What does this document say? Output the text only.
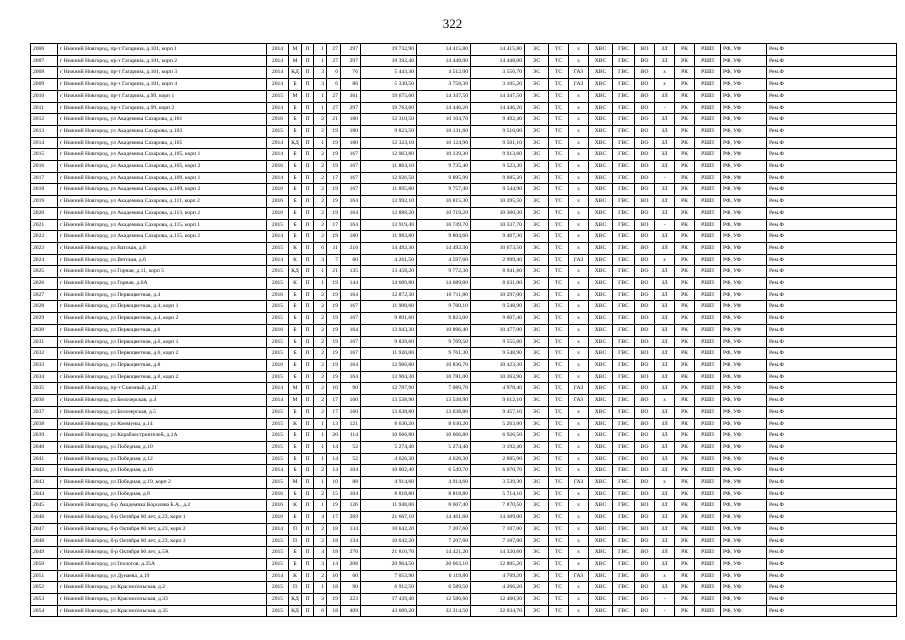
322
2006	г Нижний Новгород, пр-т Гагарина, д.101, корп 1	2014	М	П	1	27	297	19 732,90	14 415,80	14 415,80	ЭС	ТС	х	ХВС	ГВС	ВО	ЗЛ	РК	РШП	РФ, УФ	Рем.Ф
2007	г Нижний Новгород, пр-т Гагарина, д.101, корп 2	2014	М	П	1	27	297	19 392,40	14 448,00	14 448,00	ЭС	ТС	х	ХВС	ГВС	ВО	ЗЛ	РК	РШП	РФ, УФ	Рем.Ф
2008	г Нижний Новгород, пр-т Гагарина, д.101, корп 3	2014	КД	П	3	6	76	5 443,30	4 512,00	3 556,70	ЭС	ТС	ГАЗ	ХВС	ГВС	ВО	х	РК	РШП	РФ, УФ	Рем.Ф
2009	г Нижний Новгород, пр-т Гагарина, д.101, корп 4	2014	Б	П	3	6	86	5 330,50	3 758,30	3 105,20	ЭС	ТС	ГАЗ	ХВС	ГВС	ВО	х	РК	РШП	РФ, УФ	Рем.Ф
2010	г Нижний Новгород, пр-т Гагарина, д.99, корп 1	2015	М	П	1	27	301	19 675,60	14 347,50	14 347,50	ЭС	ТС	х	ХВС	ГВС	ВО	ЗЛ	РК	РШП	РФ, УФ	Рем.Ф
2011	г Нижний Новгород, пр-т Гагарина, д.99, корп 2	2014	Б	П	1	27	297	19 763,00	14 446,20	14 446,20	ЭС	ТС	х	ХВС	ГВС	ВО	-	РК	РШП	РФ, УФ	Рем.Ф
2012	г Нижний Новгород, ул Академика Сахарова, д.101	2016	Б	П	2	21	180	12 310,50	10 104,70	9 492,40	ЭС	ТС	х	ХВС	ГВС	ВО	ЗЛ	РК	РШП	РФ, УФ	Рем.Ф
2013	г Нижний Новгород, ул Академика Сахарова, д.103	2015	Б	П	2	19	180	9 823,50	10 131,60	9 510,00	ЭС	ТС	х	ХВС	ГВС	ВО	ЗЛ	РК	РШП	РФ, УФ	Рем.Ф
2014	г Нижний Новгород, ул Академика Сахарова, д.105	2014	КД	П	1	19	180	12 323,10	10 124,90	9 501,10	ЭС	ТС	х	ХВС	ГВС	ВО	ЗЛ	РК	РШП	РФ, УФ	Рем.Ф
2015	г Нижний Новгород, ул Академика Сахарова, д.105, корп 1	2014	Б	П	2	19	167	12 063,80	10 139,30	9 913,60	ЭС	ТС	х	ХВС	ГВС	ВО	ЗЛ	РК	РШП	РФ, УФ	Рем.Ф
2016	г Нижний Новгород, ул Академика Сахарова, д.105, корп 2	2016	Б	П	2	19	167	11 864,10	9 735,40	9 523,30	ЭС	ТС	х	ХВС	ГВС	ВО	ЗЛ	РК	РШП	РФ, УФ	Рем.Ф
2017	г Нижний Новгород, ул Академика Сахарова, д.109, корп 1	2014	Б	П	2	17	167	12 026,50	9 895,90	9 685,20	ЭС	ТС	х	ХВС	ГВС	ВО	-	РК	РШП	РФ, УФ	Рем.Ф
2018	г Нижний Новгород, ул Академика Сахарова, д.109, корп 2	2016	Б	П	2	19	167	11 895,80	9 757,40	9 544,90	ЭС	ТС	х	ХВС	ГВС	ВО	ЗЛ	РК	РШП	РФ, УФ	Рем.Ф
2019	г Нижний Новгород, ул Академика Сахарова, д.111, корп 2	2016	Б	П	2	19	164	12 992,10	10 815,30	10 395,50	ЭС	ТС	х	ХВС	ГВС	ВО	ЗЛ	РК	РШП	РФ, УФ	Рем.Ф
2020	г Нижний Новгород, ул Академика Сахарова, д.113, корп 2	2016	Б	П	2	19	164	12 888,20	10 719,20	10 300,30	ЭС	ТС	х	ХВС	ГВС	ВО	ЗЛ	РК	РШП	РФ, УФ	Рем.Ф
2021	г Нижний Новгород, ул Академика Сахарова, д.115, корп 1	2015	Б	П	2	17	164	12 919,40	10 749,70	10 337,70	ЭС	ТС	х	ХВС	ГВС	ВО	-	РК	РШП	РФ, УФ	Рем.Ф
2022	г Нижний Новгород, ул Академика Сахарова, д.115, корп 2	2014	Б	П	2	19	180	11 983,80	9 804,60	9 407,30	ЭС	ТС	х	ХВС	ГВС	ВО	ЗЛ	РК	РШП	РФ, УФ	Рем.Ф
2023	г Нижний Новгород, ул Ватская, д.8	2015	К	П	6	11	216	14 492,30	14 492,30	10 673,50	ЭС	ТС	х	ХВС	ГВС	ВО	ЗЛ	РК	РШП	РФ, УФ	Рем.Ф
2024	г Нижний Новгород, ул Ветская, д.6	2014	К	П	3	7	60	4 261,50	4 597,60	2 999,40	ЭС	ТС	ГАЗ	ХВС	ГВС	ВО	х	РК	РШП	РФ, УФ	Рем.Ф
2025	г Нижний Новгород, ул Горная, д.11, корп 5	2015	КД	П	1	21	135	13 458,20	9 772,30	8 041,60	ЭС	ТС	х	ХВС	ГВС	ВО	ЗЛ	РК	РШП	РФ, УФ	Рем.Ф
2026	г Нижний Новгород, ул Горная, д.6А	2015	К	П	1	19	144	14 689,80	14 689,80	8 631,00	ЭС	ТС	х	ХВС	ГВС	ВО	ЗЛ	РК	РШП	РФ, УФ	Рем.Ф
2027	г Нижний Новгород, ул Первоцветная, д.4	2016	Б	П	2	19	164	12 872,30	10 711,80	10 297,00	ЭС	ТС	х	ХВС	ГВС	ВО	ЗЛ	РК	РШП	РФ, УФ	Рем.Ф
2028	г Нижний Новгород, ул Первоцветная, д.4, корп 1	2015	Б	П	2	19	167	11 908,60	9 760,10	9 548,90	ЭС	ТС	х	ХВС	ГВС	ВО	ЗЛ	РК	РШП	РФ, УФ	Рем.Ф
2029	г Нижний Новгород, ул Первоцветная, д.4, корп 2	2015	Б	П	2	19	167	9 891,60	9 823,00	9 607,40	ЭС	ТС	х	ХВС	ГВС	ВО	ЗЛ	РК	РШП	РФ, УФ	Рем.Ф
2030	г Нижний Новгород, ул Первоцветная, д.6	2016	Б	П	2	19	164	13 043,30	10 896,40	10 477,00	ЭС	ТС	х	ХВС	ГВС	ВО	ЗЛ	РК	РШП	РФ, УФ	Рем.Ф
2031	г Нижний Новгород, ул Первоцветная, д.6, корп 1	2015	Б	П	2	19	167	9 839,60	9 769,50	9 555,00	ЭС	ТС	х	ХВС	ГВС	ВО	ЗЛ	РК	РШП	РФ, УФ	Рем.Ф
2032	г Нижний Новгород, ул Первоцветная, д.6, корп 2	2015	Б	П	2	19	167	11 920,00	9 761,30	9 548,90	ЭС	ТС	х	ХВС	ГВС	ВО	ЗЛ	РК	РШП	РФ, УФ	Рем.Ф
2033	г Нижний Новгород, ул Первоцветная, д.8	2016	Б	П	2	19	164	12 966,80	10 836,70	10 423,30	ЭС	ТС	х	ХВС	ГВС	ВО	ЗЛ	РК	РШП	РФ, УФ	Рем.Ф
2034	г Нижний Новгород, ул Первоцветная, д.8, корп 2	2015	Б	П	2	19	164	12 904,30	10 781,00	10 363,90	ЭС	ТС	х	ХВС	ГВС	ВО	ЗЛ	РК	РШП	РФ, УФ	Рем.Ф
2035	г Нижний Новгород, пр-т Союзный, д.2Г	2014	М	П	2	10	90	12 787,90	7 089,70	4 978,40	ЭС	ТС	ГАЗ	ХВС	ГВС	ВО	ЗЛ	РК	РШП	РФ, УФ	Рем.Ф
2036	г Нижний Новгород, ул Белозерская, д.4	2014	М	П	2	17	160	13 538,90	13 538,90	9 612,10	ЭС	ТС	ГАЗ	ХВС	ГВС	ВО	х	РК	РШП	РФ, УФ	Рем.Ф
2037	г Нижний Новгород, ул Белозерская, д.5	2015	Б	П	2	17	160	13 638,80	13 638,80	9 457,10	ЭС	ТС	х	ХВС	ГВС	ВО	ЗЛ	РК	РШП	РФ, УФ	Рем.Ф
2038	г Нижний Новгород, ул Коммуны, д.14	2015	К	П	1	13	121	8 630,20	8 630,20	5 263,60	ЭС	ТС	х	ХВС	ГВС	ВО	ЗЛ	РК	РШП	РФ, УФ	Рем.Ф
2039	г Нижний Новгород, ул Кораблестроителей, д.1А	2015	Б	П	1	20	114	10 666,80	10 666,80	6 926,50	ЭС	ТС	х	ХВС	ГВС	ВО	ЗЛ	РК	РШП	РФ, УФ	Рем.Ф
2040	г Нижний Новгород, ул Победная, д.10	2015	Б	П	1	14	52	5 274,40	5 274,40	3 192,40	ЭС	ТС	х	ХВС	ГВС	ВО	ЗЛ	РК	РШП	РФ, УФ	Рем.Ф
2041	г Нижний Новгород, ул Победная, д.12	2015	Б	П	1	14	52	4 626,30	4 626,30	2 885,90	ЭС	ТС	х	ХВС	ГВС	ВО	ЗЛ	РК	РШП	РФ, УФ	Рем.Ф
2042	г Нижний Новгород, ул Победная, д.16	2014	Б	П	2	14	104	10 002,40	6 549,70	6 070,70	ЭС	ТС	х	ХВС	ГВС	ВО	ЗЛ	РК	РШП	РФ, УФ	Рем.Ф
2043	г Нижний Новгород, ул Победная, д.19, корп 2	2015	М	П	1	10	88	4 914,60	4 914,60	3 539,30	ЭС	ТС	ГАЗ	ХВС	ГВС	ВО	х	РК	РШП	РФ, УФ	Рем.Ф
2044	г Нижний Новгород, ул Победная, д.8	2016	Б	П	2	15	104	8 818,80	8 818,80	5 714,10	ЭС	ТС	х	ХВС	ГВС	ВО	ЗЛ	РК	РШП	РФ, УФ	Рем.Ф
2045	г Нижний Новгород, б-р Академика Королева Б.А., д.2	2016	К	П	1	19	126	11 948,00	8 607,40	7 870,50	ЭС	ТС	х	ХВС	ГВС	ВО	ЗЛ	РК	РШП	РФ, УФ	Рем.Ф
2046	г Нижний Новгород, б-р Октября 60 лет, д.23, корп 1	2016	Б	П	4	17	269	21 667,10	14 461,60	14 309,00	ЭС	ТС	х	ХВС	ГВС	ВО	ЗЛ	РК	РШП	РФ, УФ	Рем.Ф
2047	г Нижний Новгород, б-р Октября 60 лет, д.23, корп 2	2014	П	П	2	18	134	10 642,20	7 207,60	7 107,00	ЭС	ТС	х	ХВС	ГВС	ВО	ЗЛ	РК	РШП	РФ, УФ	Рем.Ф
2048	г Нижний Новгород, б-р Октября 60 лет, д.23, корп 3	2015	П	П	2	18	134	10 642,20	7 207,60	7 107,00	ЭС	ТС	х	ХВС	ГВС	ВО	ЗЛ	РК	РШП	РФ, УФ	Рем.Ф
2049	г Нижний Новгород, б-р Октября 60 лет, д.5А	2015	Б	П	4	18	270	21 816,70	14 421,20	14 320,60	ЭС	ТС	х	ХВС	ГВС	ВО	ЗЛ	РК	РШП	РФ, УФ	Рем.Ф
2050	г Нижний Новгород, ул Геологов, д.25А	2015	Б	П	3	14	208	20 964,50	20 663,10	12 805,20	ЭС	ТС	х	ХВС	ГВС	ВО	ЗЛ	РК	РШП	РФ, УФ	Рем.Ф
2051	г Нижний Новгород, ул Дунаева, д.19	2014	К	П	2	10	60	7 053,90	6 119,80	4 769,20	ЭС	ТС	ГАЗ	ХВС	ГВС	ВО	х	РК	РШП	РФ, УФ	Рем.Ф
2052	г Нижний Новгород, ул Красносельская, д.2	2015	П	П	1	18	90	6 912,50	6 589,50	4 266,20	ЭС	ТС	х	ХВС	ГВС	ВО	ЗЛ	РК	РШП	РФ, УФ	Рем.Ф
2053	г Нижний Новгород, ул Красносельская, д.33	2015	КД	П	3	19	223	17 439,40	12 586,60	12 460,30	ЭС	ТС	х	ХВС	ГВС	ВО	-	РК	РШП	РФ, УФ	Рем.Ф
2054	г Нижний Новгород, ул Красносельская, д.35	2015	КД	П	6	18	409	43 689,20	32 314,50	32 034,70	ЭС	ТС	х	ХВС	ГВС	ВО	-	РК	РШП	РФ, УФ	Рем.Ф
